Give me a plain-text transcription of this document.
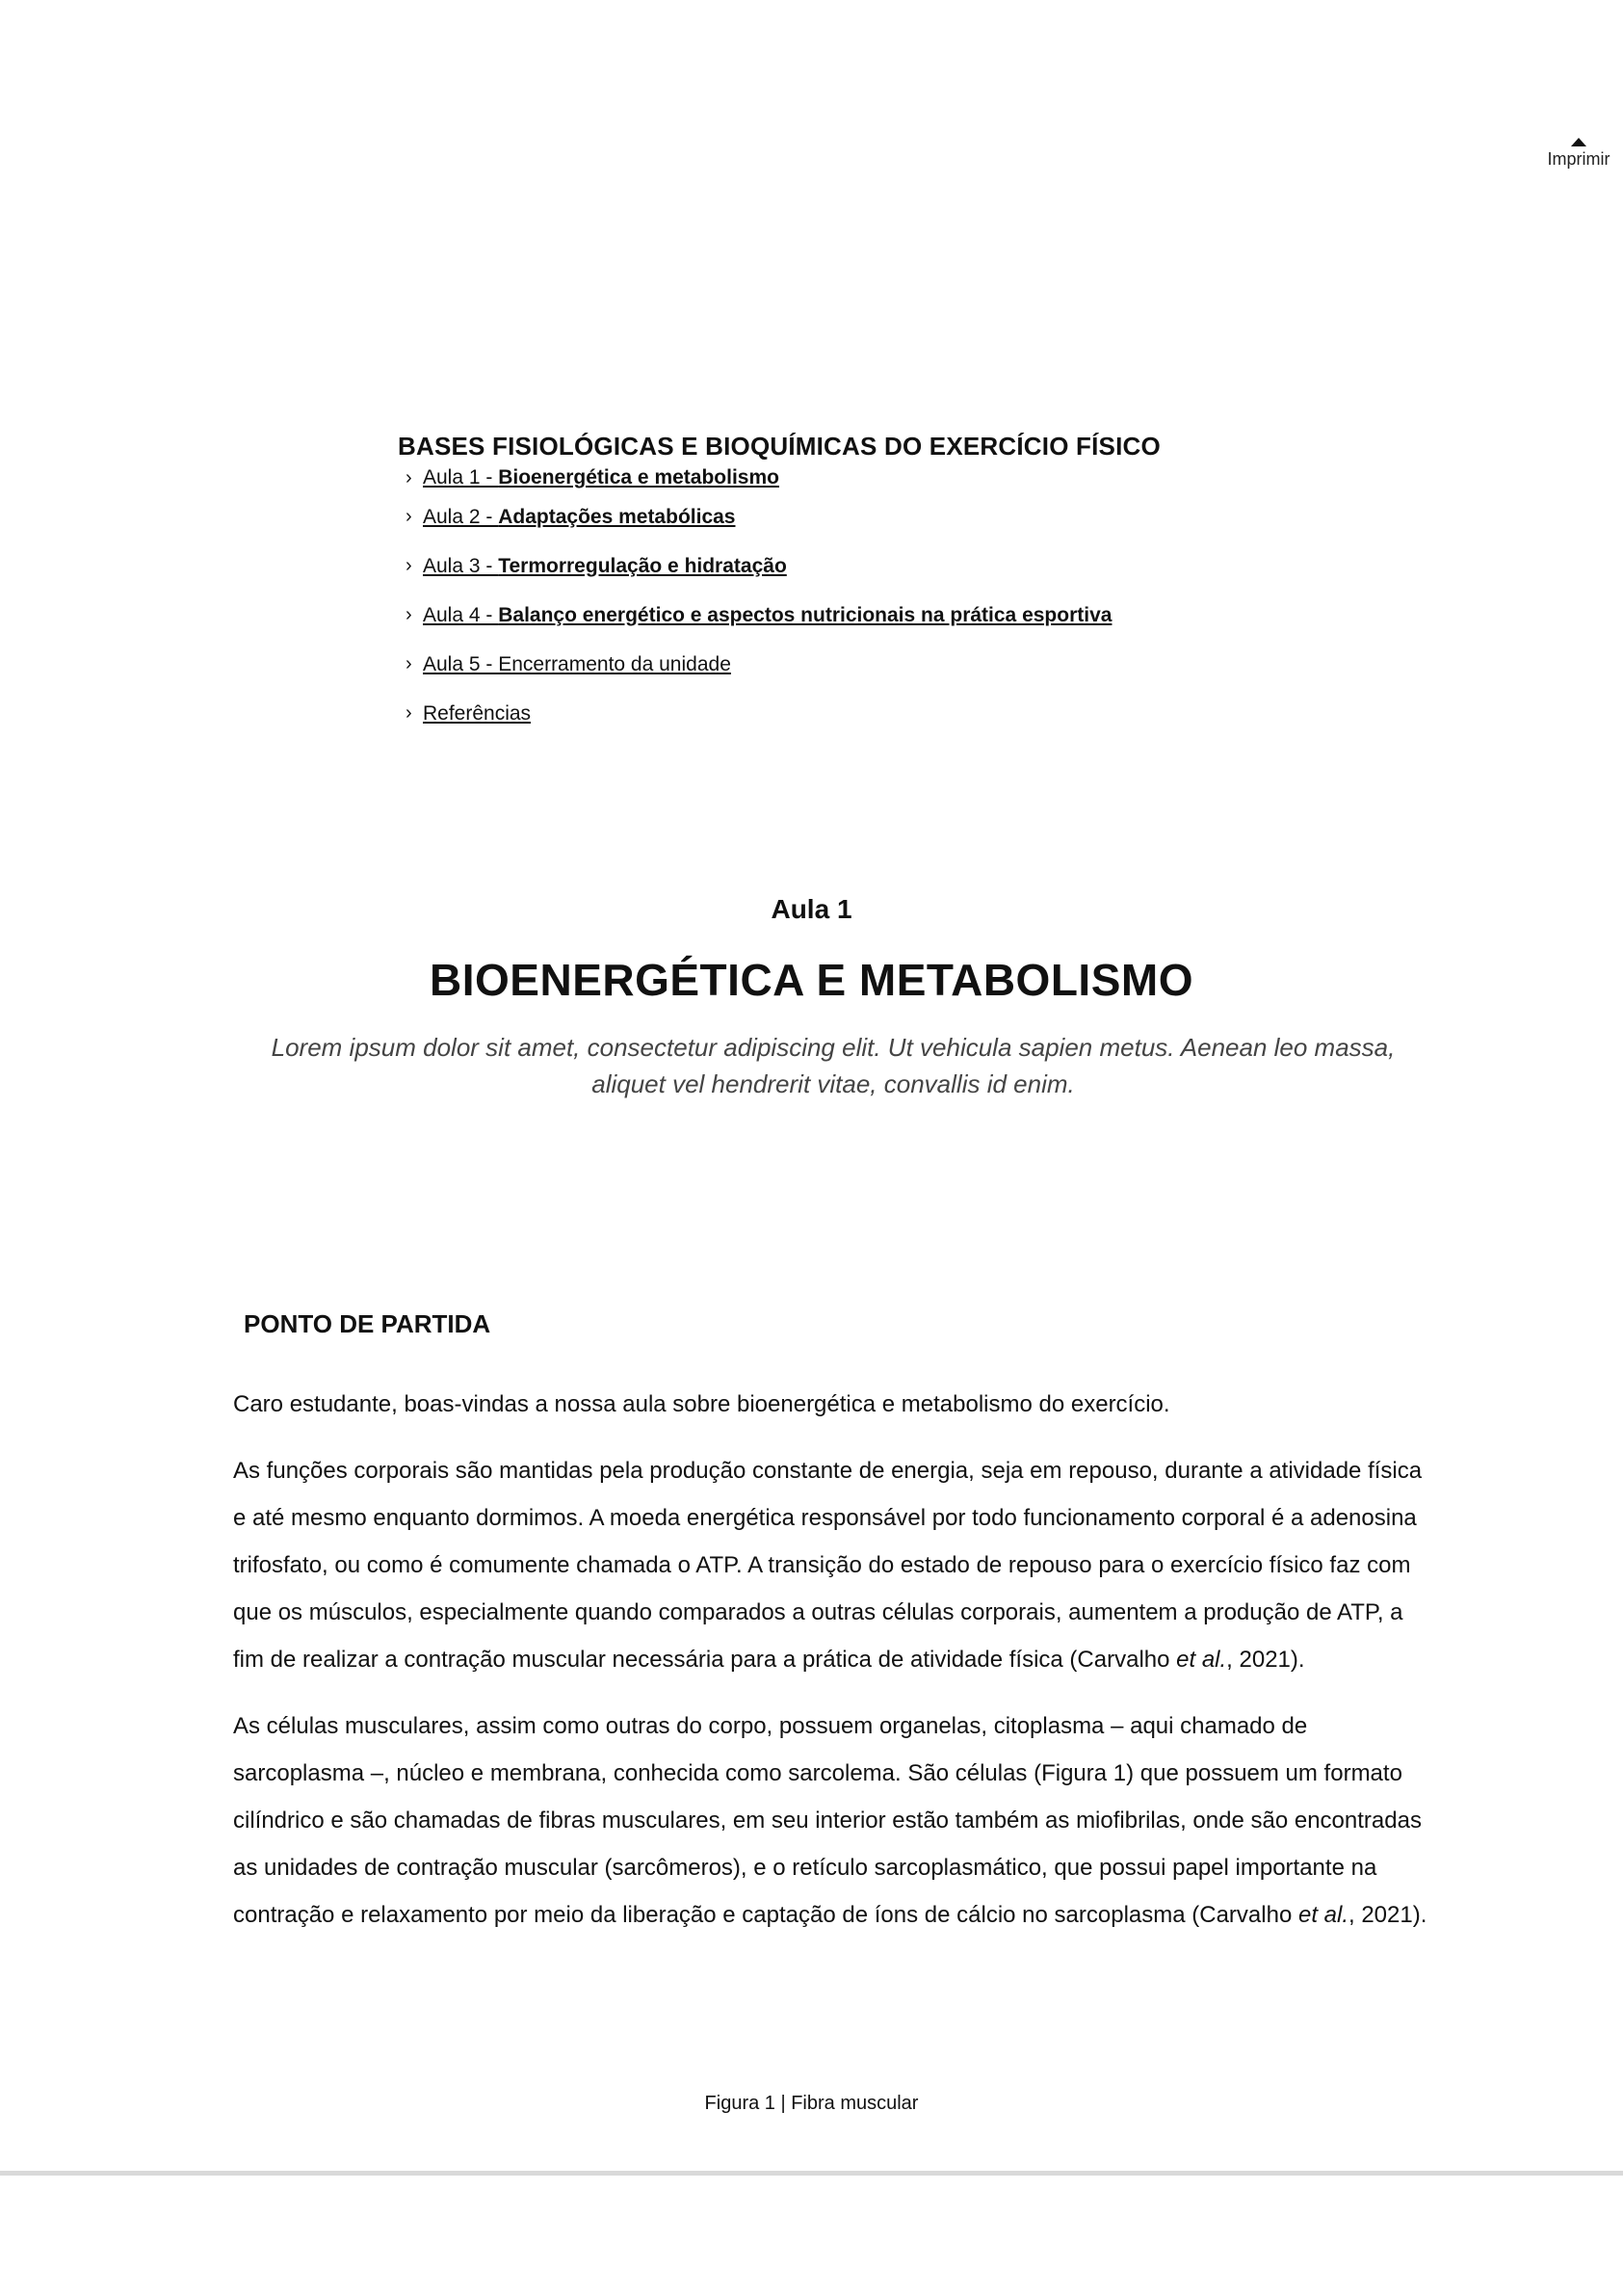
Imprimir
BASES FISIOLÓGICAS E BIOQUÍMICAS DO EXERCÍCIO FÍSICO
› Aula 1 - Bioenergética e metabolismo
› Aula 2 - Adaptações metabólicas
› Aula 3 - Termorregulação e hidratação
› Aula 4 - Balanço energético e aspectos nutricionais na prática esportiva
› Aula 5 - Encerramento da unidade
› Referências
Aula 1
BIOENERGÉTICA E METABOLISMO
Lorem ipsum dolor sit amet, consectetur adipiscing elit. Ut vehicula sapien metus. Aenean leo massa, aliquet vel hendrerit vitae, convallis id enim.
PONTO DE PARTIDA

Caro estudante, boas-vindas a nossa aula sobre bioenergética e metabolismo do exercício.

As funções corporais são mantidas pela produção constante de energia, seja em repouso, durante a atividade física e até mesmo enquanto dormimos. A moeda energética responsável por todo funcionamento corporal é a adenosina trifosfato, ou como é comumente chamada o ATP. A transição do estado de repouso para o exercício físico faz com que os músculos, especialmente quando comparados a outras células corporais, aumentem a produção de ATP, a fim de realizar a contração muscular necessária para a prática de atividade física (Carvalho et al., 2021).

As células musculares, assim como outras do corpo, possuem organelas, citoplasma – aqui chamado de sarcoplasma –, núcleo e membrana, conhecida como sarcolema. São células (Figura 1) que possuem um formato cilíndrico e são chamadas de fibras musculares, em seu interior estão também as miofibrilas, onde são encontradas as unidades de contração muscular (sarcômeros), e o retículo sarcoplasmático, que possui papel importante na contração e relaxamento por meio da liberação e captação de íons de cálcio no sarcoplasma (Carvalho et al., 2021).

Figura 1 | Fibra muscular
